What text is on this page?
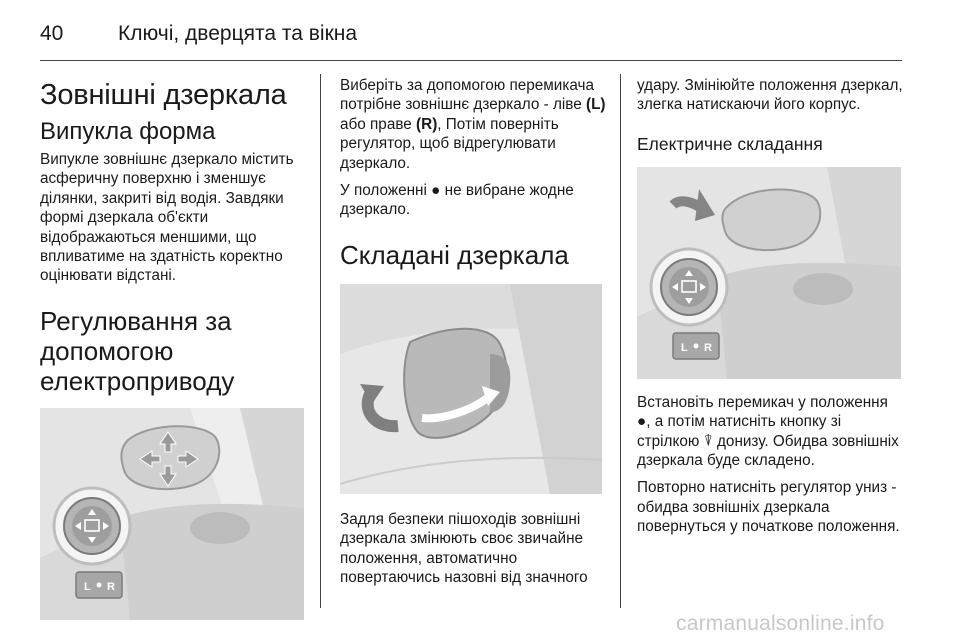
40	Ключі, дверцята та вікна
Зовнішні дзеркала
Випукла форма

Випукле зовнішнє дзеркало містить асферичну поверхню і зменшує ділянки, закриті від водія. Завдяки формі дзеркала об'єкти відображаються меншими, що впливатиме на здатність коректно оцінювати відстані.

Регулювання за допомогою електроприводу
L R

Виберіть за допомогою перемикача потрібне зовнішнє дзеркало - ліве (L) або праве (R), Потім поверніть регулятор, щоб відрегулювати дзеркало.

У положенні ● не вибране жодне дзеркало.

Складані дзеркала

Задля безпеки пішоходів зовнішні дзеркала змінюють своє звичайне положення, автоматично повертаючись назовні від значного

удару. Змініюйте положення дзеркал, злегка натискаючи його корпус.

Електричне складання
L R

Встановіть перемикач у положення ●, а потім натисніть кнопку зі стрілкою ⍒ донизу. Обидва зовнішніх дзеркала буде складено.

Повторно натисніть регулятор униз - обидва зовнішніх дзеркала повернуться у початкове положення.

carmanualsonline.info
